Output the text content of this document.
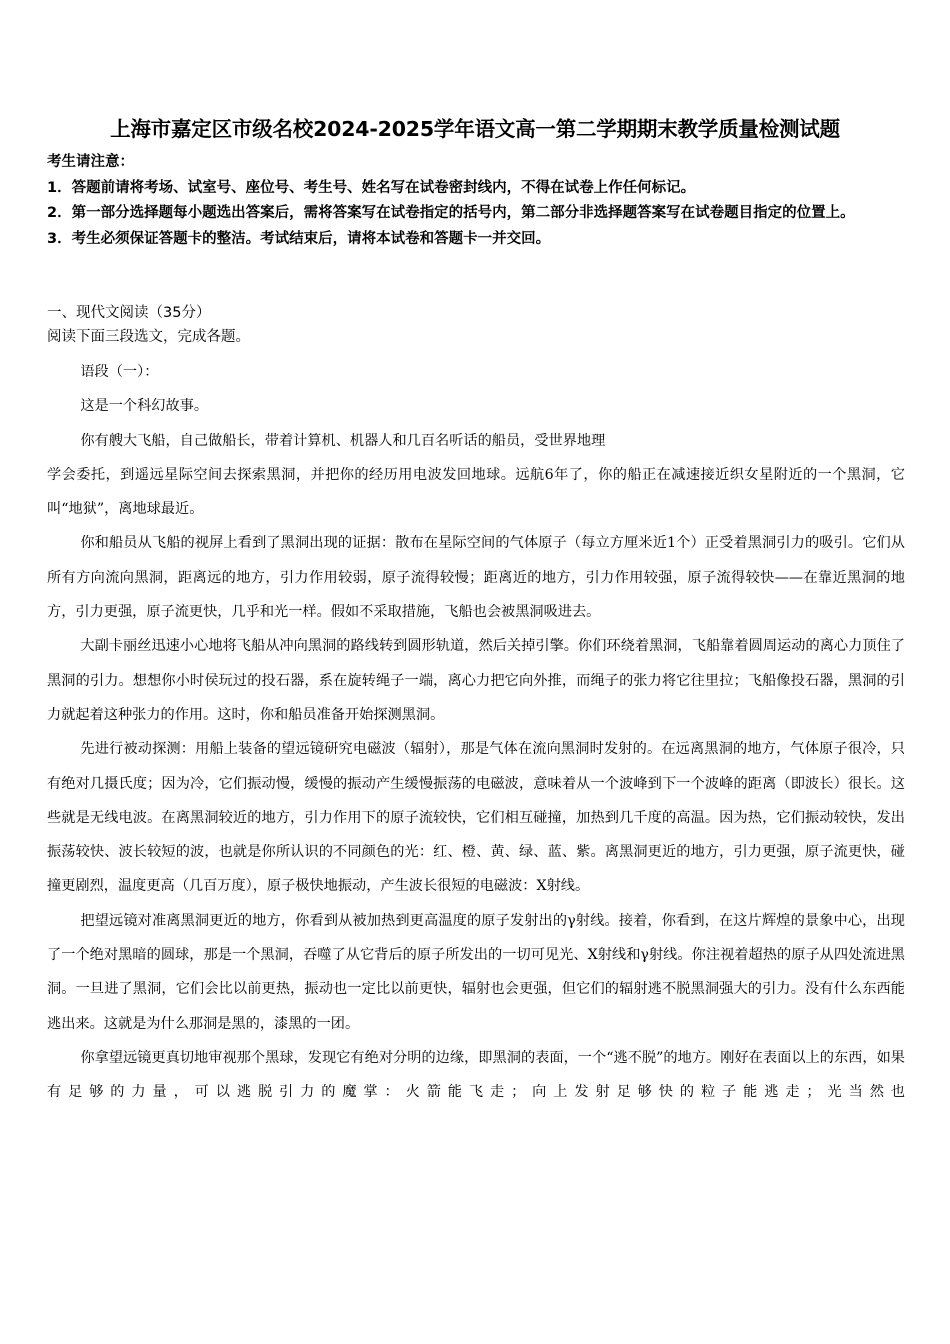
上海市嘉定区市级名校2024-2025学年语文高一第二学期期末教学质量检测试题

考生请注意：

1．答题前请将考场、试室号、座位号、考生号、姓名写在试卷密封线内，不得在试卷上作任何标记。

2．第一部分选择题每小题选出答案后，需将答案写在试卷指定的括号内，第二部分非选择题答案写在试卷题目指定的位置上。

3．考生必须保证答题卡的整洁。考试结束后，请将本试卷和答题卡一并交回。

一、现代文阅读（35分）
阅读下面三段选文，完成各题。

语段（一）：

这是一个科幻故事。

你有艘大飞船，自己做船长，带着计算机、机器人和几百名听话的船员，受世界地理

学会委托，到遥远星际空间去探索黑洞，并把你的经历用电波发回地球。远航6年了，你的船正在减速接近织女星附近的一个黑洞，它叫“地狱”，离地球最近。

你和船员从飞船的视屏上看到了黑洞出现的证据：散布在星际空间的气体原子（每立方厘米近1个）正受着黑洞引力的吸引。它们从所有方向流向黑洞，距离远的地方，引力作用较弱，原子流得较慢；距离近的地方，引力作用较强，原子流得较快——在靠近黑洞的地方，引力更强，原子流更快，几乎和光一样。假如不采取措施，飞船也会被黑洞吸进去。

大副卡丽丝迅速小心地将飞船从冲向黑洞的路线转到圆形轨道，然后关掉引擎。你们环绕着黑洞，飞船靠着圆周运动的离心力顶住了黑洞的引力。想想你小时侯玩过的投石器，系在旋转绳子一端，离心力把它向外推，而绳子的张力将它往里拉；飞船像投石器，黑洞的引力就起着这种张力的作用。这时，你和船员准备开始探测黑洞。

先进行被动探测：用船上装备的望远镜研究电磁波（辐射），那是气体在流向黑洞时发射的。在远离黑洞的地方，气体原子很冷，只有绝对几摄氏度；因为冷，它们振动慢，缓慢的振动产生缓慢振荡的电磁波，意味着从一个波峰到下一个波峰的距离（即波长）很长。这些就是无线电波。在离黑洞较近的地方，引力作用下的原子流较快，它们相互碰撞，加热到几千度的高温。因为热，它们振动较快，发出振荡较快、波长较短的波，也就是你所认识的不同颜色的光：红、橙、黄、绿、蓝、紫。离黑洞更近的地方，引力更强，原子流更快，碰撞更剧烈，温度更高（几百万度），原子极快地振动，产生波长很短的电磁波：X射线。

把望远镜对准离黑洞更近的地方，你看到从被加热到更高温度的原子发射出的γ射线。接着，你看到，在这片辉煌的景象中心，出现了一个绝对黑暗的圆球，那是一个黑洞，吞噬了从它背后的原子所发出的一切可见光、X射线和γ射线。你注视着超热的原子从四处流进黑洞。一旦进了黑洞，它们会比以前更热，振动也一定比以前更快，辐射也会更强，但它们的辐射逃不脱黑洞强大的引力。没有什么东西能逃出来。这就是为什么那洞是黑的，漆黑的一团。

你拿望远镜更真切地审视那个黑球，发现它有绝对分明的边缘，即黑洞的表面，一个“逃不脱”的地方。刚好在表面以上的东西，如果有足够的力量，可以逃脱引力的魔掌：火箭能飞走；向上发射足够快的粒子能逃走；光当然也
